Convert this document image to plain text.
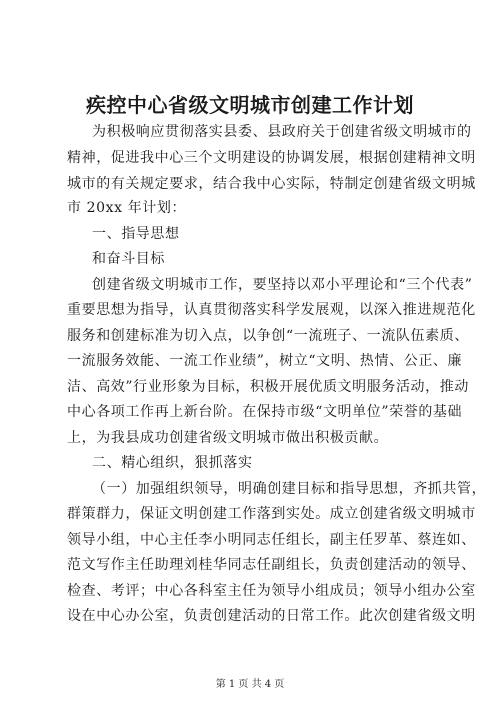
疾控中心省级文明城市创建工作计划
为积极响应贯彻落实县委、县政府关于创建省级文明城市的
精神，促进我中心三个文明建设的协调发展，根据创建精神文明
城市的有关规定要求，结合我中心实际，特制定创建省级文明城
市 20xx 年计划：
一、指导思想
和奋斗目标
创建省级文明城市工作，要坚持以邓小平理论和“三个代表”
重要思想为指导，认真贯彻落实科学发展观，以深入推进规范化
服务和创建标准为切入点，以争创“一流班子、一流队伍素质、
一流服务效能、一流工作业绩”，树立“文明、热情、公正、廉
洁、高效”行业形象为目标，积极开展优质文明服务活动，推动
中心各项工作再上新台阶。在保持市级“文明单位”荣誉的基础
上，为我县成功创建省级文明城市做出积极贡献。
二、精心组织，狠抓落实
（一）加强组织领导，明确创建目标和指导思想，齐抓共管，
群策群力，保证文明创建工作落到实处。成立创建省级文明城市
领导小组，中心主任李小明同志任组长，副主任罗革、蔡连如、
范文写作主任助理刘桂华同志任副组长，负责创建活动的领导、
检查、考评；中心各科室主任为领导小组成员；领导小组办公室
设在中心办公室，负责创建活动的日常工作。此次创建省级文明
第 1 页 共 4 页
